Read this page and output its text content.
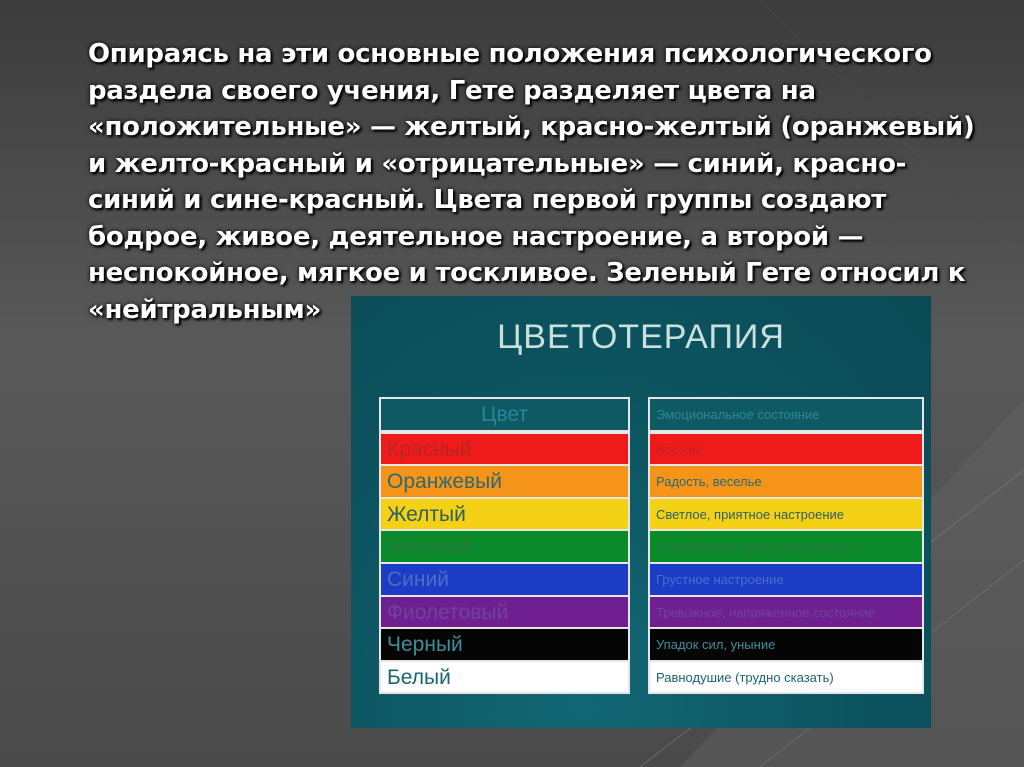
Опираясь на эти основные положения психологического
раздела своего учения, Гете разделяет цвета на
«положительные» — желтый, красно-желтый (оранжевый)
и желто-красный и «отрицательные» — синий, красно-
синий и сине-красный. Цвета первой группы создают
бодрое, живое, деятельное настроение, а второй —
неспокойное, мягкое и тоскливое. Зеленый Гете относил к
«нейтральным»
ЦВЕТОТЕРАПИЯ
Цвет
Красный
Оранжевый
Желтый
Зеленый
Синий
Фиолетовый
Черный
Белый
Эмоциональное состояние
Восторг
Радость, веселье
Светлое, приятное настроение
Спокойствие, уравновешенность
Грустное настроение
Тревожное, напряженное состояние
Упадок сил, уныние
Равнодушие (трудно сказать)
